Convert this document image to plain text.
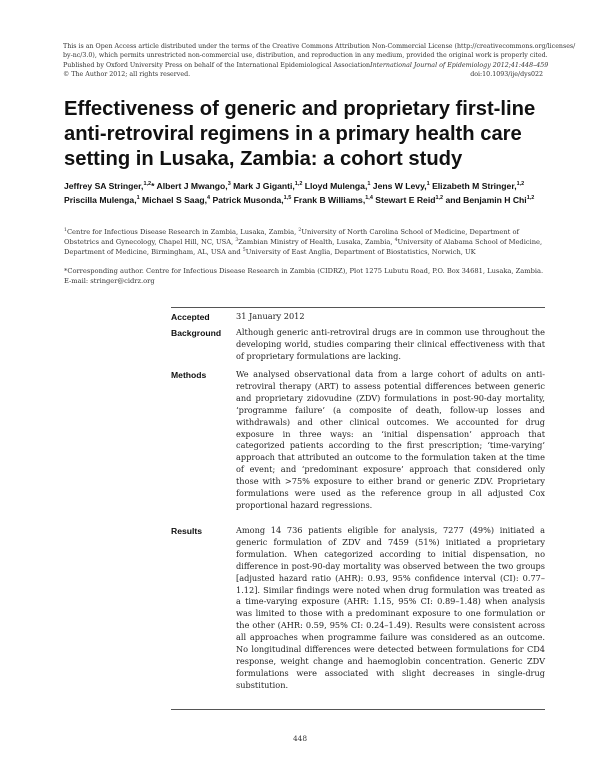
This is an Open Access article distributed under the terms of the Creative Commons Attribution Non-Commercial License (http://creativecommons.org/licenses/
by-nc/3.0), which permits unrestricted non-commercial use, distribution, and reproduction in any medium, provided the original work is properly cited.
Published by Oxford University Press on behalf of the International Epidemiological Association International Journal of Epidemiology 2012;41:448–459
© The Author 2012; all rights reserved.	doi:10.1093/ije/dys022
Effectiveness of generic and proprietary first-line anti-retroviral regimens in a primary health care setting in Lusaka, Zambia: a cohort study

Jeffrey SA Stringer,$^{1,2}$* Albert J Mwango,$^3$ Mark J Giganti,$^{1,2}$ Lloyd Mulenga,$^1$ Jens W Levy,$^1$ Elizabeth M Stringer,$^{1,2}$ Priscilla Mulenga,$^1$ Michael S Saag,$^4$ Patrick Musonda,$^{1,5}$ Frank B Williams,$^{1,4}$ Stewart E Reid$^{1,2}$ and Benjamin H Chi$^{1,2}$

$^1$Centre for Infectious Disease Research in Zambia, Lusaka, Zambia, $^2$University of North Carolina School of Medicine, Department of Obstetrics and Gynecology, Chapel Hill, NC, USA, $^3$Zambian Ministry of Health, Lusaka, Zambia, $^4$University of Alabama School of Medicine, Department of Medicine, Birmingham, AL, USA and $^5$University of East Anglia, Department of Biostatistics, Norwich, UK

*Corresponding author. Centre for Infectious Disease Research in Zambia (CIDRZ), Plot 1275 Lubutu Road, P.O. Box 34681, Lusaka, Zambia. E-mail: stringer@cidrz.org

Accepted	31 January 2012

Background	Although generic anti-retroviral drugs are in common use throughout the developing world, studies comparing their clinical effectiveness with that of proprietary formulations are lacking.

Methods	We analysed observational data from a large cohort of adults on anti-retroviral therapy (ART) to assess potential differences between generic and proprietary zidovudine (ZDV) formulations in post-90-day mortality, ‘programme failure’ (a composite of death, follow-up losses and withdrawals) and other clinical outcomes. We accounted for drug exposure in three ways: an ‘initial dispensation’ approach that categorized patients according to the first prescription; ‘time-varying’ approach that attributed an outcome to the formulation taken at the time of event; and ‘predominant exposure’ approach that considered only those with >75% exposure to either brand or generic ZDV. Proprietary formulations were used as the reference group in all adjusted Cox proportional hazard regressions.

Results	Among 14 736 patients eligible for analysis, 7277 (49%) initiated a generic formulation of ZDV and 7459 (51%) initiated a proprietary formulation. When categorized according to initial dispensation, no difference in post-90-day mortality was observed between the two groups [adjusted hazard ratio (AHR): 0.93, 95% confidence interval (CI): 0.77–1.12]. Similar findings were noted when drug formulation was treated as a time-varying exposure (AHR: 1.15, 95% CI: 0.89–1.48) when analysis was limited to those with a predominant exposure to one formulation or the other (AHR: 0.59, 95% CI: 0.24–1.49). Results were consistent across all approaches when programme failure was considered as an outcome. No longitudinal differences were detected between formulations for CD4 response, weight change and haemoglobin concentration. Generic ZDV formulations were associated with slight decreases in single-drug substitution.

448
